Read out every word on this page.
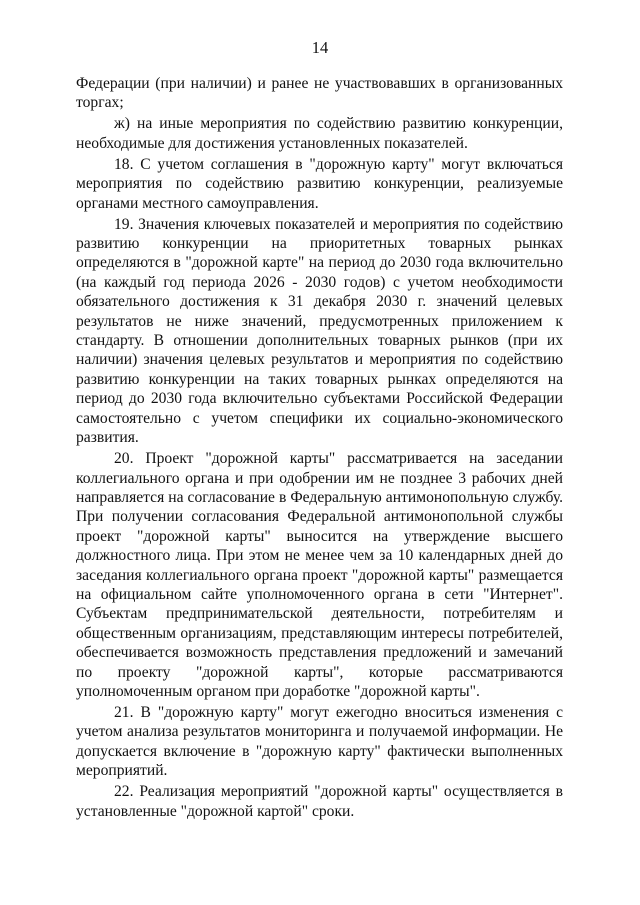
14

Федерации (при наличии) и ранее не участвовавших в организованных торгах;

ж) на иные мероприятия по содействию развитию конкуренции, необходимые для достижения установленных показателей.

18. С учетом соглашения в "дорожную карту" могут включаться мероприятия по содействию развитию конкуренции, реализуемые органами местного самоуправления.

19. Значения ключевых показателей и мероприятия по содействию развитию конкуренции на приоритетных товарных рынках определяются в "дорожной карте" на период до 2030 года включительно (на каждый год периода 2026 - 2030 годов) с учетом необходимости обязательного достижения к 31 декабря 2030 г. значений целевых результатов не ниже значений, предусмотренных приложением к стандарту. В отношении дополнительных товарных рынков (при их наличии) значения целевых результатов и мероприятия по содействию развитию конкуренции на таких товарных рынках определяются на период до 2030 года включительно субъектами Российской Федерации самостоятельно с учетом специфики их социально-экономического развития.

20. Проект "дорожной карты" рассматривается на заседании коллегиального органа и при одобрении им не позднее 3 рабочих дней направляется на согласование в Федеральную антимонопольную службу. При получении согласования Федеральной антимонопольной службы проект "дорожной карты" выносится на утверждение высшего должностного лица. При этом не менее чем за 10 календарных дней до заседания коллегиального органа проект "дорожной карты" размещается на официальном сайте уполномоченного органа в сети "Интернет". Субъектам предпринимательской деятельности, потребителям и общественным организациям, представляющим интересы потребителей, обеспечивается возможность представления предложений и замечаний по проекту "дорожной карты", которые рассматриваются уполномоченным органом при доработке "дорожной карты".

21. В "дорожную карту" могут ежегодно вноситься изменения с учетом анализа результатов мониторинга и получаемой информации. Не допускается включение в "дорожную карту" фактически выполненных мероприятий.

22. Реализация мероприятий "дорожной карты" осуществляется в установленные "дорожной картой" сроки.
